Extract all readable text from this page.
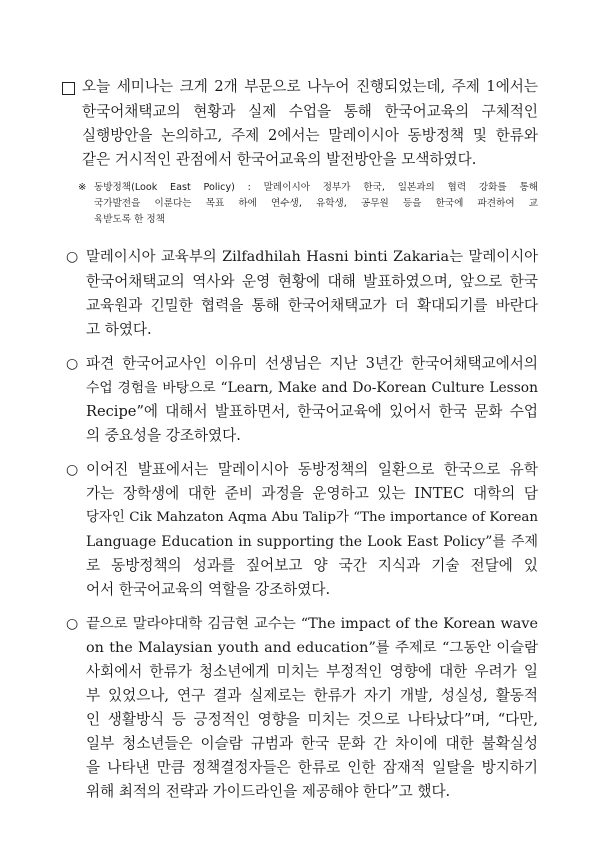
오늘 세미나는 크게 2개 부문으로 나누어 진행되었는데, 주제 1에서는
한국어채택교의 현황과 실제 수업을 통해 한국어교육의 구체적인
실행방안을 논의하고, 주제 2에서는 말레이시아 동방정책 및 한류와
같은 거시적인 관점에서 한국어교육의 발전방안을 모색하였다.
※ 동방정책(Look East Policy) : 말레이시아 정부가 한국, 일본과의 협력 강화를 통해
국가발전을 이룬다는 목표 하에 연수생, 유학생, 공무원 등을 한국에 파견하여 교
육받도록 한 정책
○ 말레이시아 교육부의 Zilfadhilah Hasni binti Zakaria는 말레이시아
한국어채택교의 역사와 운영 현황에 대해 발표하였으며, 앞으로 한국
교육원과 긴밀한 협력을 통해 한국어채택교가 더 확대되기를 바란다
고 하였다.
○ 파견 한국어교사인 이유미 선생님은 지난 3년간 한국어채택교에서의
수업 경험을 바탕으로 “Learn, Make and Do-Korean Culture Lesson
Recipe”에 대해서 발표하면서, 한국어교육에 있어서 한국 문화 수업
의 중요성을 강조하였다.
○ 이어진 발표에서는 말레이시아 동방정책의 일환으로 한국으로 유학
가는 장학생에 대한 준비 과정을 운영하고 있는 INTEC 대학의 담
당자인 Cik Mahzaton Aqma Abu Talip가 “The importance of Korean
Language Education in supporting the Look East Policy”를 주제
로 동방정책의 성과를 짚어보고 양 국간 지식과 기술 전달에 있
어서 한국어교육의 역할을 강조하였다.
○ 끝으로 말라야대학 김금현 교수는 “The impact of the Korean wave
on the Malaysian youth and education”를 주제로 “그동안 이슬람
사회에서 한류가 청소년에게 미치는 부정적인 영향에 대한 우려가 일
부 있었으나, 연구 결과 실제로는 한류가 자기 개발, 성실성, 활동적
인 생활방식 등 긍정적인 영향을 미치는 것으로 나타났다”며, “다만,
일부 청소년들은 이슬람 규범과 한국 문화 간 차이에 대한 불확실성
을 나타낸 만큼 정책결정자들은 한류로 인한 잠재적 일탈을 방지하기
위해 최적의 전략과 가이드라인을 제공해야 한다”고 했다.
